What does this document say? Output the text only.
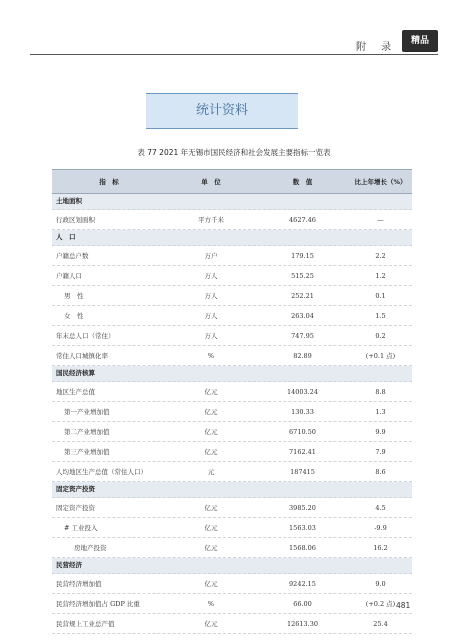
附 录
精品
统计资料
表 77 2021 年无锡市国民经济和社会发展主要指标一览表
指　标	单　位	数　值	比上年增长（%）
土地面积
行政区划面积	平方千米	4627.46	—
人　口
户籍总户数	万户	179.15	2.2
户籍人口	万人	515.25	1.2
男　性	万人	252.21	0.1
女　性	万人	263.04	1.5
年末总人口（常住）	万人	747.95	0.2
常住人口城镇化率	%	82.89	(+0.1 点)
国民经济核算
地区生产总值	亿元	14003.24	8.8
第一产业增加值	亿元	130.33	1.3
第二产业增加值	亿元	6710.50	9.9
第三产业增加值	亿元	7162.41	7.9
人均地区生产总值（常住人口）	元	187415	8.6
固定资产投资
固定资产投资	亿元	3985.20	4.5
# 工业投入	亿元	1563.03	-9.9
房地产投资	亿元	1568.06	16.2
民营经济
民营经济增加值	亿元	9242.15	9.0
民营经济增加值占 GDP 比重	%	66.00	(+0.2 点)
民营规上工业总产值	亿元	12613.30	25.4
481
